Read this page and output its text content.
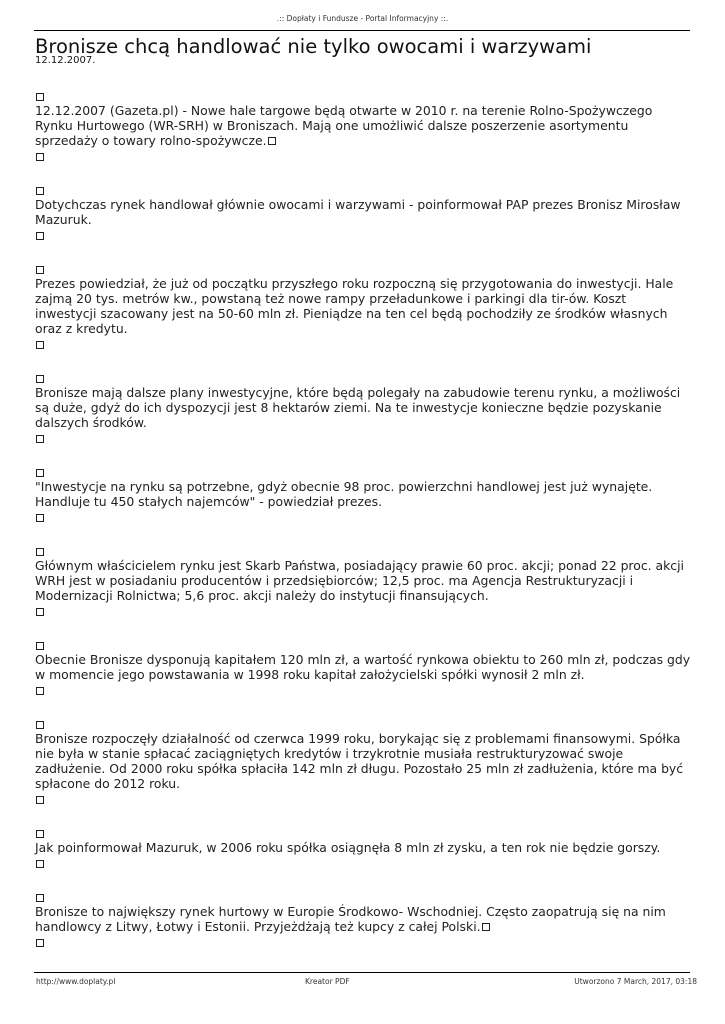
.:: Dopłaty i Fundusze - Portal Informacyjny ::.
Bronisze chcą handlować nie tylko owocami i warzywami
12.12.2007.
12.12.2007 (Gazeta.pl) - Nowe hale targowe będą otwarte w 2010 r. na terenie Rolno-Spożywczego
Rynku Hurtowego (WR-SRH) w Broniszach. Mają one umożliwić dalsze poszerzenie asortymentu
sprzedaży o towary rolno-spożywcze.
Dotychczas rynek handlował głównie owocami i warzywami - poinformował PAP prezes Bronisz Mirosław
Mazuruk.
Prezes powiedział, że już od początku przyszłego roku rozpoczną się przygotowania do inwestycji. Hale
zajmą 20 tys. metrów kw., powstaną też nowe rampy przeładunkowe i parkingi dla tir-ów. Koszt
inwestycji szacowany jest na 50-60 mln zł. Pieniądze na ten cel będą pochodziły ze środków własnych
oraz z kredytu.
Bronisze mają dalsze plany inwestycyjne, które będą polegały na zabudowie terenu rynku, a możliwości
są duże, gdyż do ich dyspozycji jest 8 hektarów ziemi. Na te inwestycje konieczne będzie pozyskanie
dalszych środków.
"Inwestycje na rynku są potrzebne, gdyż obecnie 98 proc. powierzchni handlowej jest już wynajęte.
Handluje tu 450 stałych najemców" - powiedział prezes.
Głównym właścicielem rynku jest Skarb Państwa, posiadający prawie 60 proc. akcji; ponad 22 proc. akcji
WRH jest w posiadaniu producentów i przedsiębiorców; 12,5 proc. ma Agencja Restrukturyzacji i
Modernizacji Rolnictwa; 5,6 proc. akcji należy do instytucji finansujących.
Obecnie Bronisze dysponują kapitałem 120 mln zł, a wartość rynkowa obiektu to 260 mln zł, podczas gdy
w momencie jego powstawania w 1998 roku kapitał założycielski spółki wynosił 2 mln zł.
Bronisze rozpoczęły działalność od czerwca 1999 roku, borykając się z problemami finansowymi. Spółka
nie była w stanie spłacać zaciągniętych kredytów i trzykrotnie musiała restrukturyzować swoje
zadłużenie. Od 2000 roku spółka spłaciła 142 mln zł długu. Pozostało 25 mln zł zadłużenia, które ma być
spłacone do 2012 roku.
Jak poinformował Mazuruk, w 2006 roku spółka osiągnęła 8 mln zł zysku, a ten rok nie będzie gorszy.
Bronisze to największy rynek hurtowy w Europie Środkowo- Wschodniej. Często zaopatrują się na nim
handlowcy z Litwy, Łotwy i Estonii. Przyjeżdżają też kupcy z całej Polski.
http://www.doplaty.pl	Kreator PDF	Utworzono 7 March, 2017, 03:18
